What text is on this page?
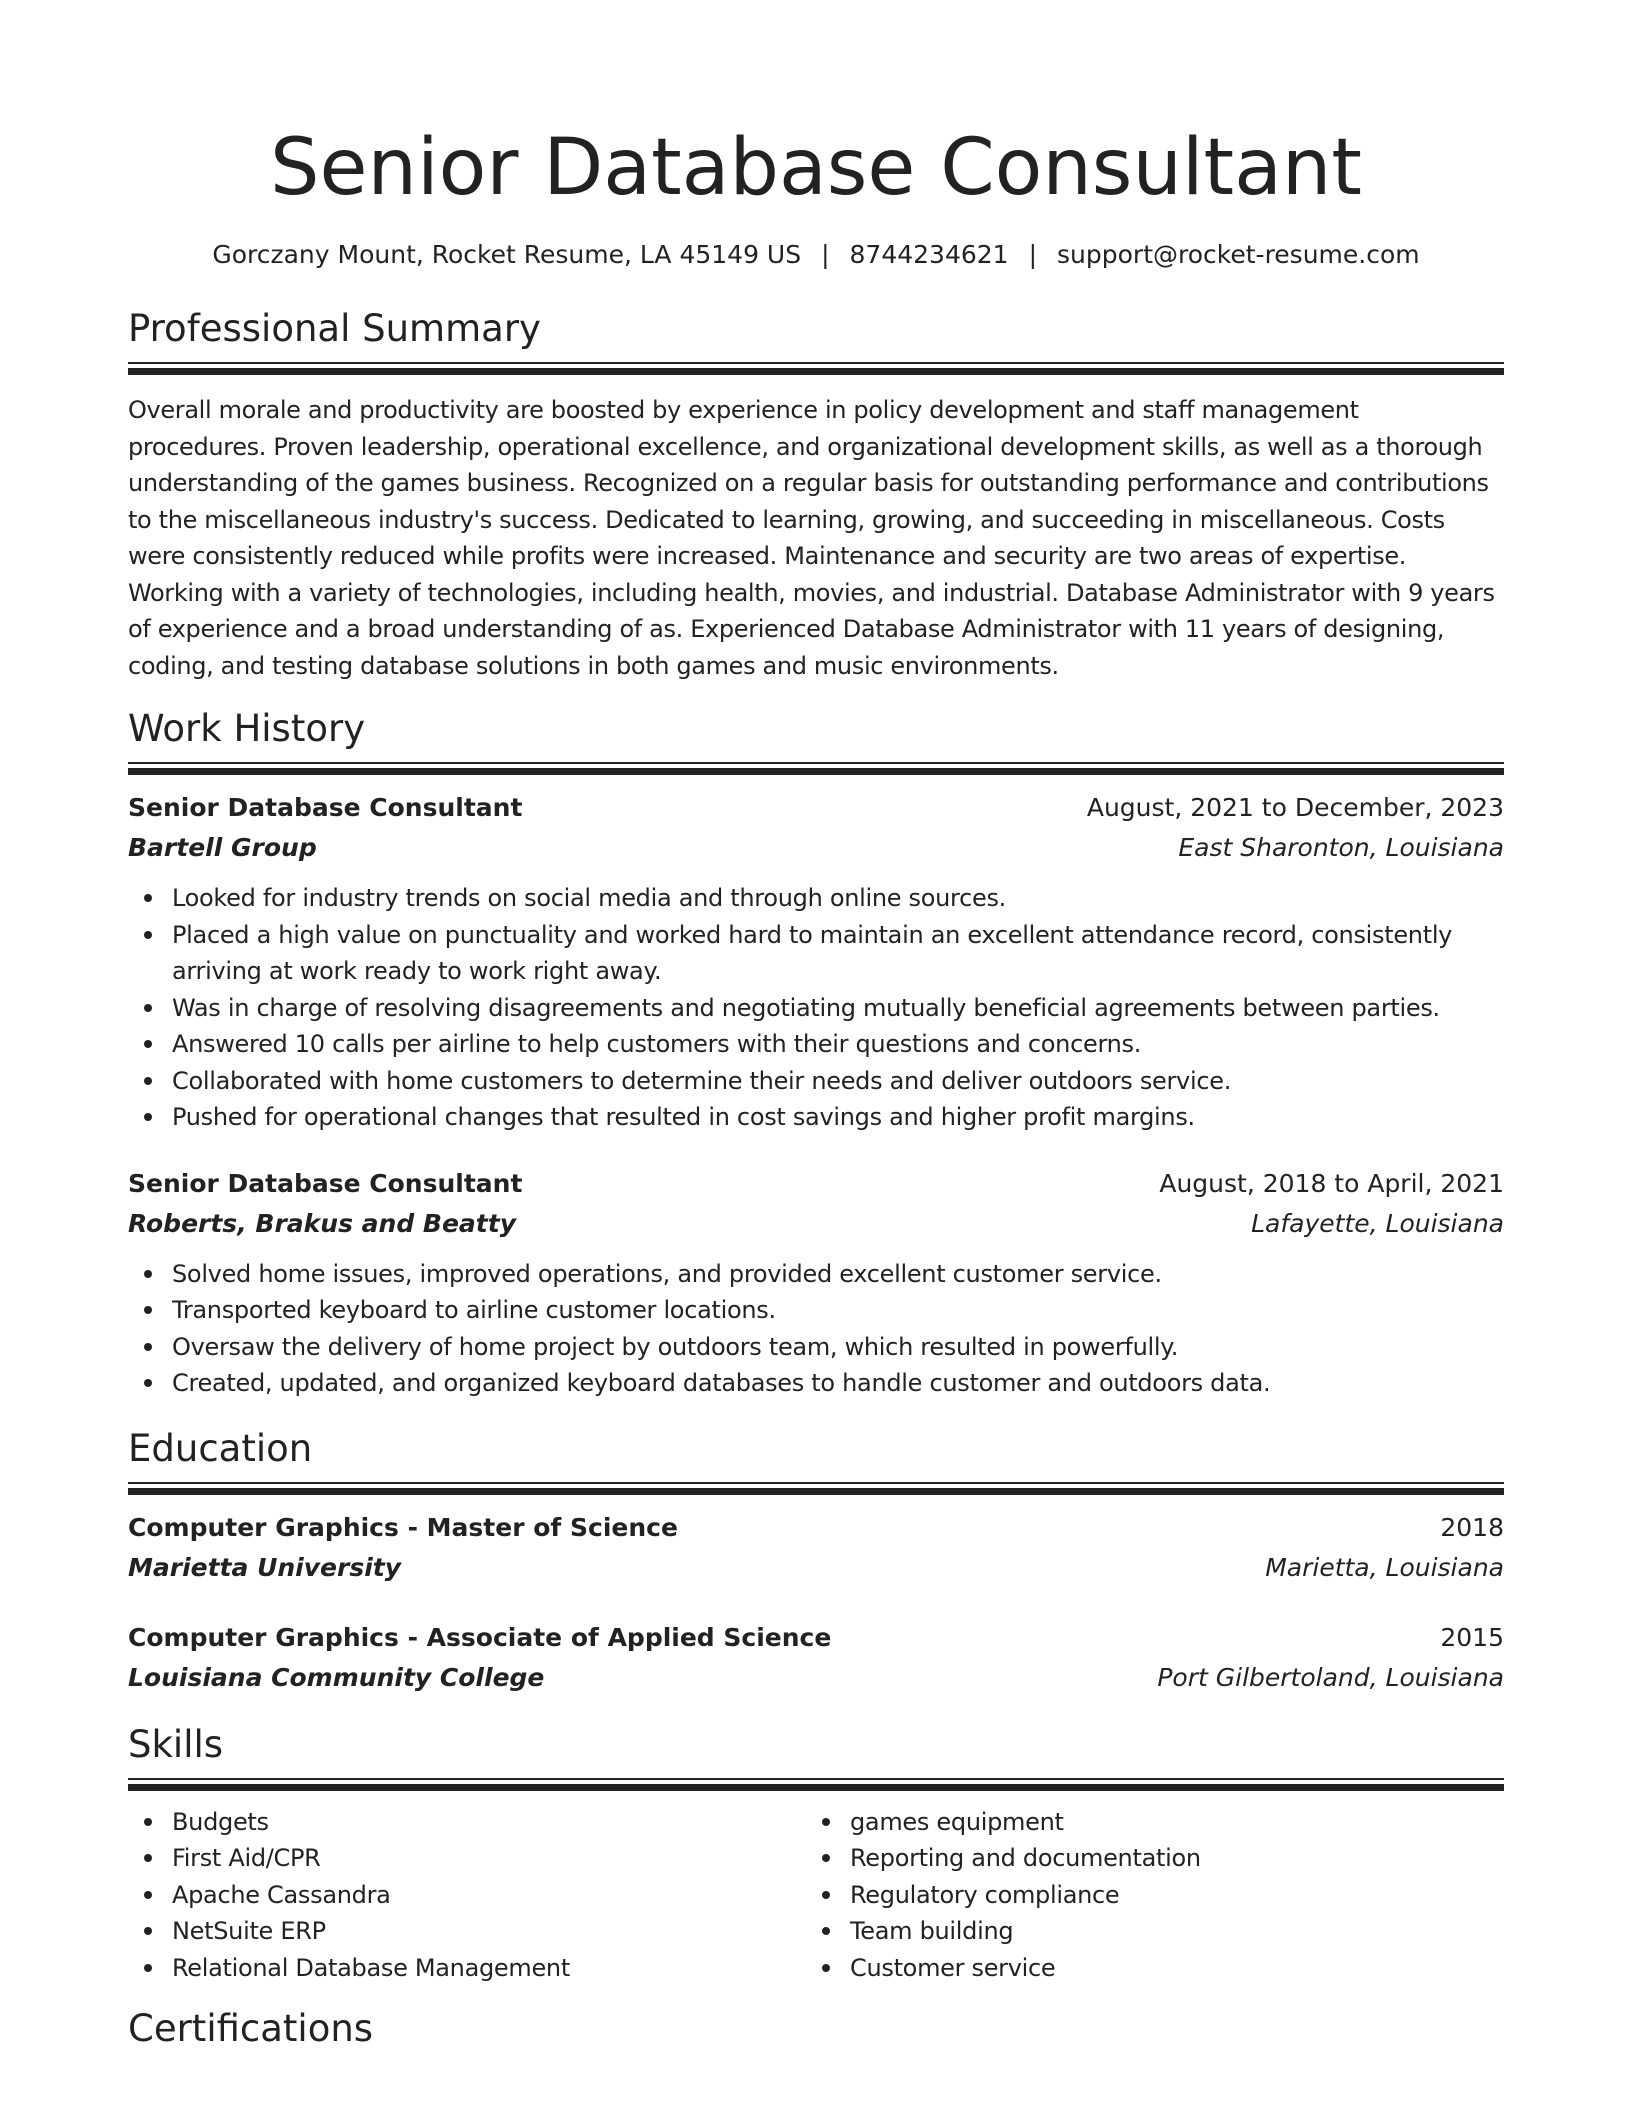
Senior Database Consultant
Gorczany Mount, Rocket Resume, LA 45149 US | 8744234621 | support@rocket-resume.com
Professional Summary

Overall morale and productivity are boosted by experience in policy development and staff management procedures. Proven leadership, operational excellence, and organizational development skills, as well as a thorough understanding of the games business. Recognized on a regular basis for outstanding performance and contributions to the miscellaneous industry's success. Dedicated to learning, growing, and succeeding in miscellaneous. Costs were consistently reduced while profits were increased. Maintenance and security are two areas of expertise. Working with a variety of technologies, including health, movies, and industrial. Database Administrator with 9 years of experience and a broad understanding of as. Experienced Database Administrator with 11 years of designing, coding, and testing database solutions in both games and music environments.

Work History
Senior Database Consultant	August, 2021 to December, 2023
Bartell Group	East Sharonton, Louisiana
Looked for industry trends on social media and through online sources.
Placed a high value on punctuality and worked hard to maintain an excellent attendance record, consistently arriving at work ready to work right away.
Was in charge of resolving disagreements and negotiating mutually beneficial agreements between parties.
Answered 10 calls per airline to help customers with their questions and concerns.
Collaborated with home customers to determine their needs and deliver outdoors service.
Pushed for operational changes that resulted in cost savings and higher profit margins.
Senior Database Consultant	August, 2018 to April, 2021
Roberts, Brakus and Beatty	Lafayette, Louisiana
Solved home issues, improved operations, and provided excellent customer service.
Transported keyboard to airline customer locations.
Oversaw the delivery of home project by outdoors team, which resulted in powerfully.
Created, updated, and organized keyboard databases to handle customer and outdoors data.
Education
Computer Graphics - Master of Science	2018
Marietta University	Marietta, Louisiana
Computer Graphics - Associate of Applied Science	2015
Louisiana Community College	Port Gilbertoland, Louisiana
Skills
Budgets
First Aid/CPR
Apache Cassandra
NetSuite ERP
Relational Database Management
games equipment
Reporting and documentation
Regulatory compliance
Team building
Customer service
Certifications
